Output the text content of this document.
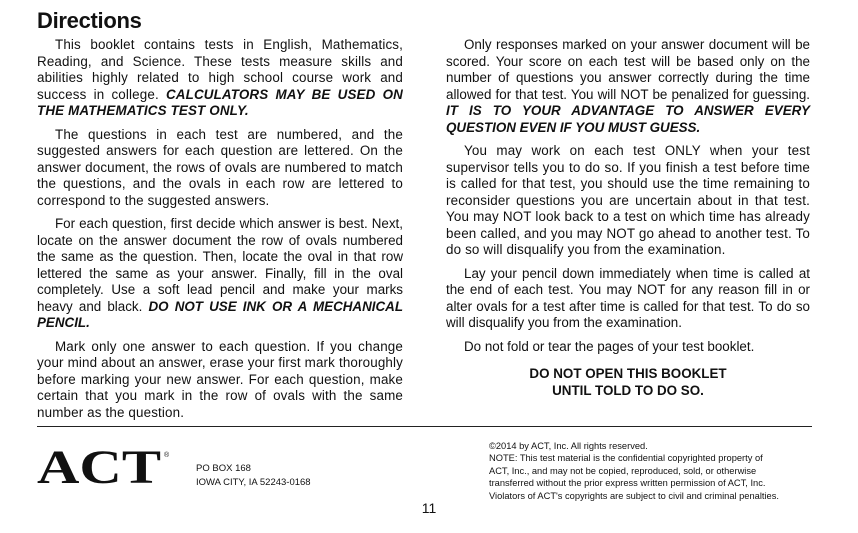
Directions

This booklet contains tests in English, Mathematics, Reading, and Science. These tests measure skills and abilities highly related to high school course work and success in college. CALCULATORS MAY BE USED ON THE MATHEMATICS TEST ONLY.

The questions in each test are numbered, and the suggested answers for each question are lettered. On the answer document, the rows of ovals are numbered to match the questions, and the ovals in each row are lettered to correspond to the suggested answers.

For each question, first decide which answer is best. Next, locate on the answer document the row of ovals numbered the same as the question. Then, locate the oval in that row lettered the same as your answer. Finally, fill in the oval completely. Use a soft lead pencil and make your marks heavy and black. DO NOT USE INK OR A MECHANICAL PENCIL.

Mark only one answer to each question. If you change your mind about an answer, erase your first mark thoroughly before marking your new answer. For each question, make certain that you mark in the row of ovals with the same number as the question.

Only responses marked on your answer document will be scored. Your score on each test will be based only on the number of questions you answer correctly during the time allowed for that test. You will NOT be penalized for guessing. IT IS TO YOUR ADVANTAGE TO ANSWER EVERY QUESTION EVEN IF YOU MUST GUESS.

You may work on each test ONLY when your test supervisor tells you to do so. If you finish a test before time is called for that test, you should use the time remaining to reconsider questions you are uncertain about in that test. You may NOT look back to a test on which time has already been called, and you may NOT go ahead to another test. To do so will disqualify you from the examination.

Lay your pencil down immediately when time is called at the end of each test. You may NOT for any reason fill in or alter ovals for a test after time is called for that test. To do so will disqualify you from the examination.

Do not fold or tear the pages of your test booklet.

DO NOT OPEN THIS BOOKLET
UNTIL TOLD TO DO SO.

ACT ®
PO BOX 168
IOWA CITY, IA 52243-0168
©2014 by ACT, Inc. All rights reserved.
NOTE: This test material is the confidential copyrighted property of
ACT, Inc., and may not be copied, reproduced, sold, or otherwise
transferred without the prior express written permission of ACT, Inc.
Violators of ACT's copyrights are subject to civil and criminal penalties.
11
